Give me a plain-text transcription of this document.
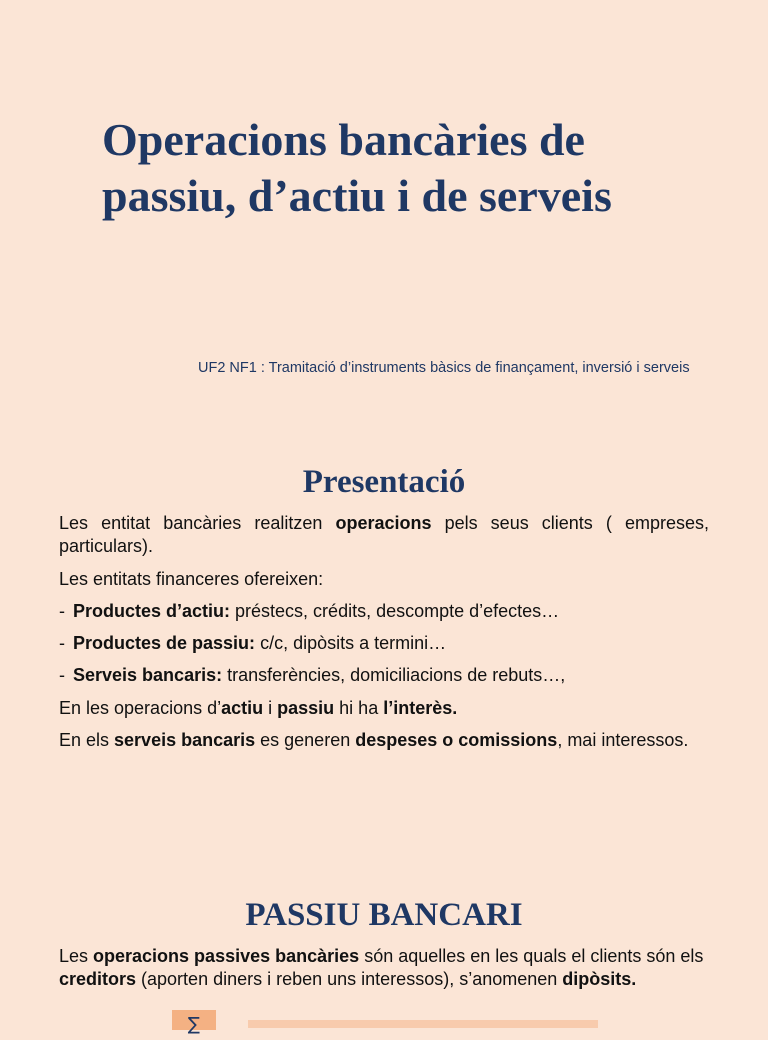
Operacions bancàries de
passiu, d’actiu i de serveis

UF2 NF1 : Tramitació d’instruments bàsics de finançament, inversió i serveis

Presentació

Les entitat bancàries realitzen operacions pels seus clients ( empreses, particulars).

Les entitats financeres ofereixen:

- Productes d’actiu: préstecs, crédits, descompte d’efectes…

- Productes de passiu: c/c, dipòsits a termini…

- Serveis bancaris: transferències, domiciliacions de rebuts…,

En les operacions d’actiu i passiu hi ha l’interès.

En els serveis bancaris es generen despeses o comissions, mai interessos.

PASSIU BANCARI

Les operacions passives bancàries són aquelles en les quals el clients són els creditors (aporten diners i reben uns interessos), s’anomenen dipòsits.

∑
